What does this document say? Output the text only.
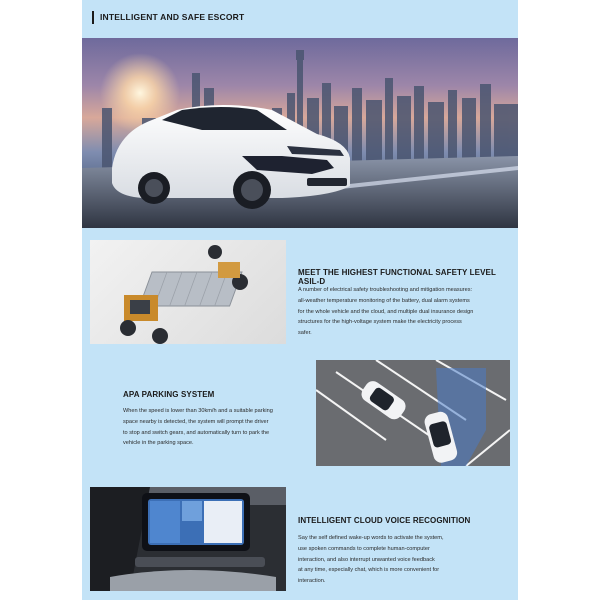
INTELLIGENT AND SAFE ESCORT
MEET THE HIGHEST FUNCTIONAL SAFETY LEVEL ASIL-D
A number of electrical safety troubleshooting and mitigation measures:
all-weather temperature monitoring of the battery, dual alarm systems
for the whole vehicle and the cloud, and multiple dual insurance design
structures for the high-voltage system make the electricity process
safer.
APA PARKING SYSTEM
When the speed is lower than 30km/h and a suitable parking
space nearby is detected, the system will prompt the driver
to stop and switch gears, and automatically turn to park the
vehicle in the parking space.
INTELLIGENT CLOUD VOICE RECOGNITION
Say the self defined wake-up words to activate the system,
use spoken commands to complete human-computer
interaction, and also interrupt unwanted voice feedback
at any time, especially chat, which is more convenient for
interaction.
